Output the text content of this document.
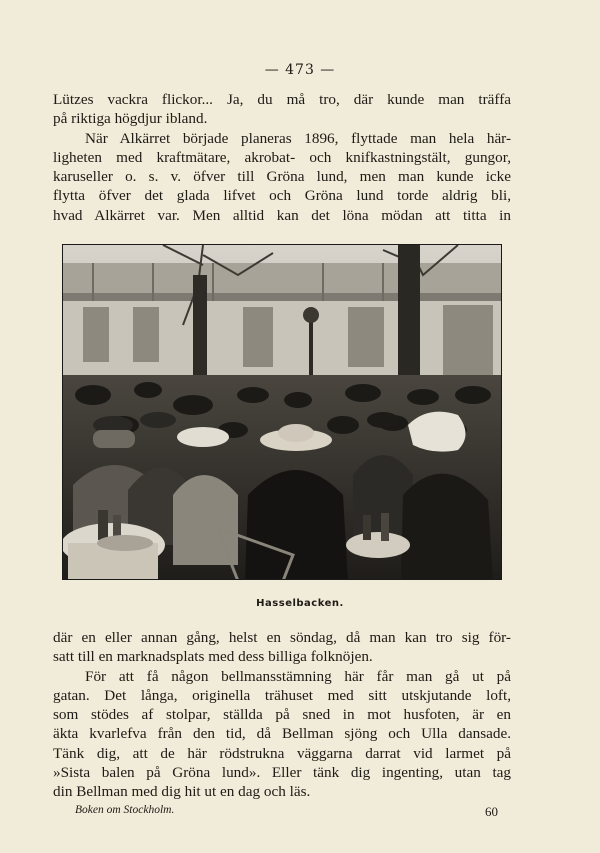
— 473 —
Lützes vackra flickor... Ja, du må tro, där kunde man träffa
på riktiga högdjur ibland.
När Alkärret började planeras 1896, flyttade man hela här-
ligheten med kraftmätare, akrobat- och knifkastningstält, gungor,
karuseller o. s. v. öfver till Gröna lund, men man kunde icke
flytta öfver det glada lifvet och Gröna lund torde aldrig bli,
hvad Alkärret var. Men alltid kan det löna mödan att titta in
Hasselbacken.
där en eller annan gång, helst en söndag, då man kan tro sig för-
satt till en marknadsplats med dess billiga folknöjen.
För att få någon bellmansstämning här får man gå ut på
gatan. Det långa, originella trähuset med sitt utskjutande loft,
som stödes af stolpar, ställda på sned in mot husfoten, är en
äkta kvarlefva från den tid, då Bellman sjöng och Ulla dansade.
Tänk dig, att de här rödstrukna väggarna darrat vid larmet på
»Sista balen på Gröna lund». Eller tänk dig ingenting, utan tag
din Bellman med dig hit ut en dag och läs.
Boken om Stockholm.	60
